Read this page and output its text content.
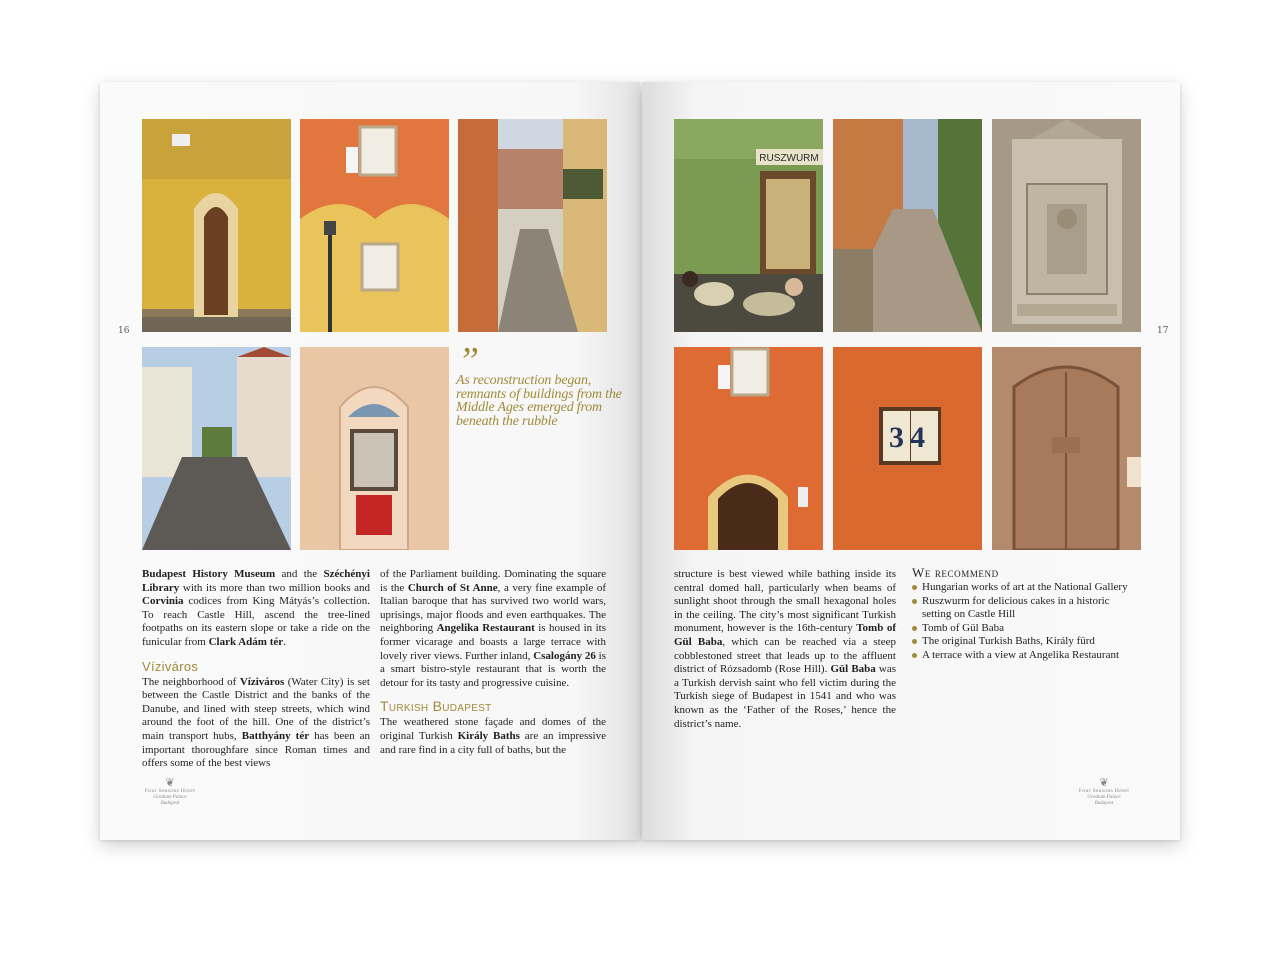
16
”
As reconstruction began, remnants of buildings from the Middle Ages emerged from beneath the rubble

Budapest History Museum and the Széchényi Library with its more than two million books and Corvinia codices from King Mátyás’s collection. To reach Castle Hill, ascend the tree-lined footpaths on its eastern slope or take a ride on the funicular from Clark Adám tér.

Víziváros

The neighborhood of Víziváros (Water City) is set between the Castle District and the banks of the Danube, and lined with steep streets, which wind around the foot of the hill. One of the district’s main transport hubs, Batthyány tér has been an important thoroughfare since Roman times and offers some of the best views

of the Parliament building. Dominating the square is the Church of St Anne, a very fine example of Italian baroque that has survived two world wars, uprisings, major floods and even earthquakes. The neighboring Angelika Restaurant is housed in its former vicarage and boasts a large terrace with lovely river views. Further inland, Csalogány 26 is a smart bistro-style restaurant that is worth the detour for its tasty and progressive cuisine.

Turkish Budapest

The weathered stone façade and domes of the original Turkish Király Baths are an impressive and rare find in a city full of baths, but the

❦
Four Seasons Hotel
Gresham Palace
Budapest
17
RUSZWURM
34

structure is best viewed while bathing inside its central domed hall, particularly when beams of sunlight shoot through the small hexagonal holes in the ceiling. The city’s most significant Turkish monument, however is the 16th-century Tomb of Gül Baba, which can be reached via a steep cobblestoned street that leads up to the affluent district of Rózsadomb (Rose Hill). Gül Baba was a Turkish dervish saint who fell victim during the Turkish siege of Budapest in 1541 and who was known as the ‘Father of the Roses,’ hence the district’s name.

We recommend
Hungarian works of art at the National Gallery
Ruszwurm for delicious cakes in a historic setting on Castle Hill
Tomb of Gül Baba
The original Turkish Baths, Király fürd
A terrace with a view at Angelika Restaurant
❦
Four Seasons Hotel
Gresham Palace
Budapest
